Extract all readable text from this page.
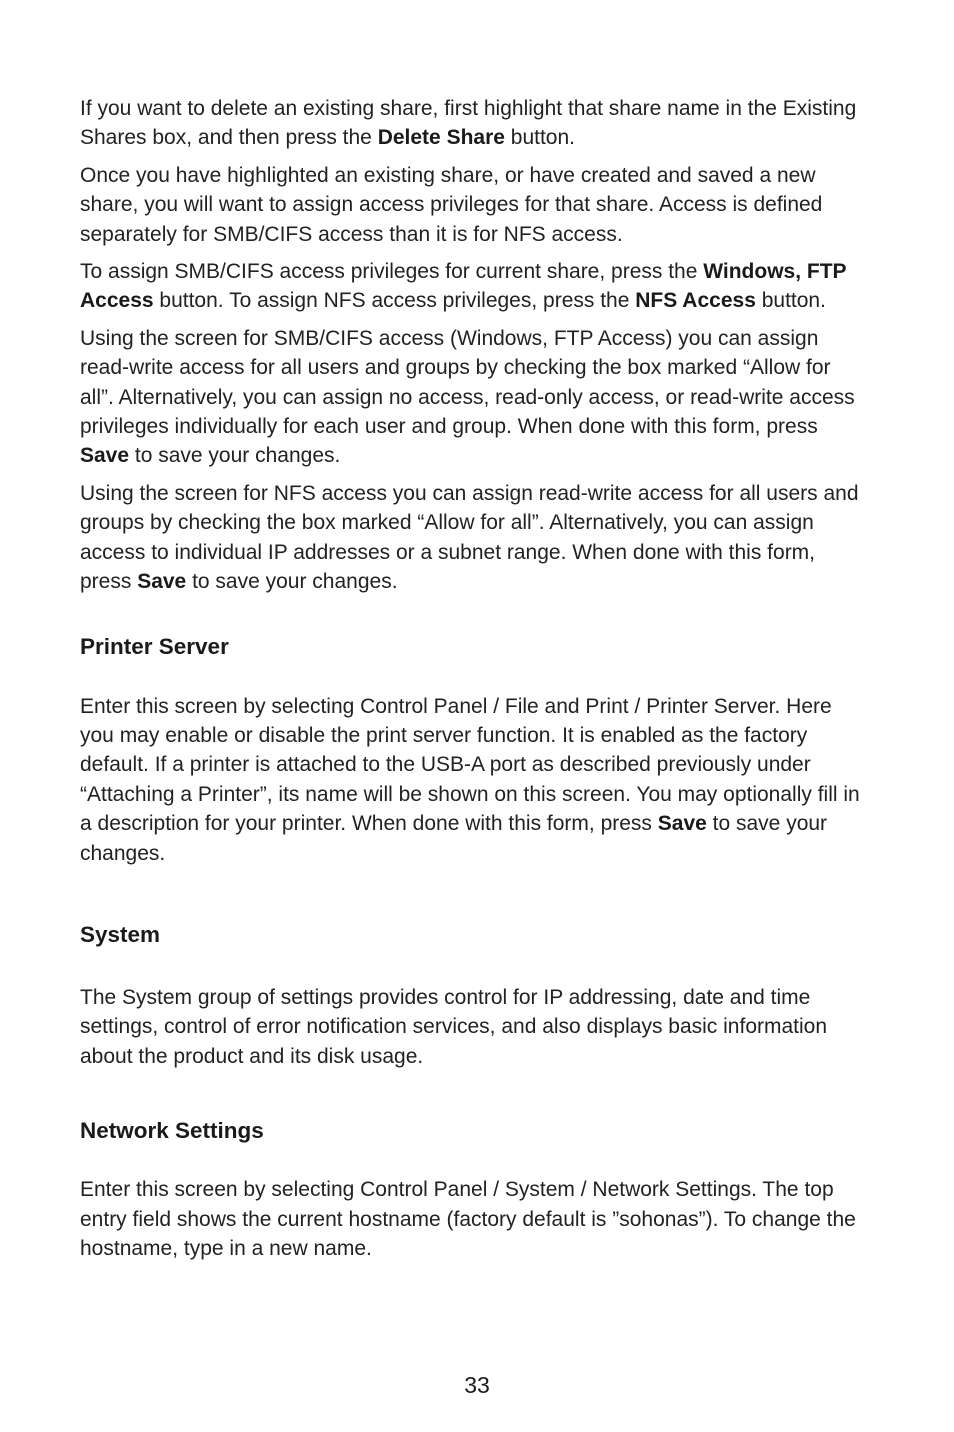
If you want to delete an existing share, first highlight that share name in the Existing Shares box, and then press the Delete Share button.

Once you have highlighted an existing share, or have created and saved a new share, you will want to assign access privileges for that share. Access is defined separately for SMB/CIFS access than it is for NFS access.

To assign SMB/CIFS access privileges for current share, press the Windows, FTP Access button. To assign NFS access privileges, press the NFS Access button.

Using the screen for SMB/CIFS access (Windows, FTP Access) you can assign read-write access for all users and groups by checking the box marked “Allow for all”. Alternatively, you can assign no access, read-only access, or read-write access privileges individually for each user and group. When done with this form, press Save to save your changes.

Using the screen for NFS access you can assign read-write access for all users and groups by checking the box marked “Allow for all”. Alternatively, you can assign access to individual IP addresses or a subnet range. When done with this form, press Save to save your changes.

Printer Server

Enter this screen by selecting Control Panel / File and Print / Printer Server. Here you may enable or disable the print server function. It is enabled as the factory default. If a printer is attached to the USB-A port as described previously under “Attaching a Printer”, its name will be shown on this screen. You may optionally fill in a description for your printer. When done with this form, press Save to save your changes.

System

The System group of settings provides control for IP addressing, date and time settings, control of error notification services, and also displays basic information about the product and its disk usage.

Network Settings

Enter this screen by selecting Control Panel / System / Network Settings. The top entry field shows the current hostname (factory default is ”sohonas”). To change the hostname, type in a new name.

33
